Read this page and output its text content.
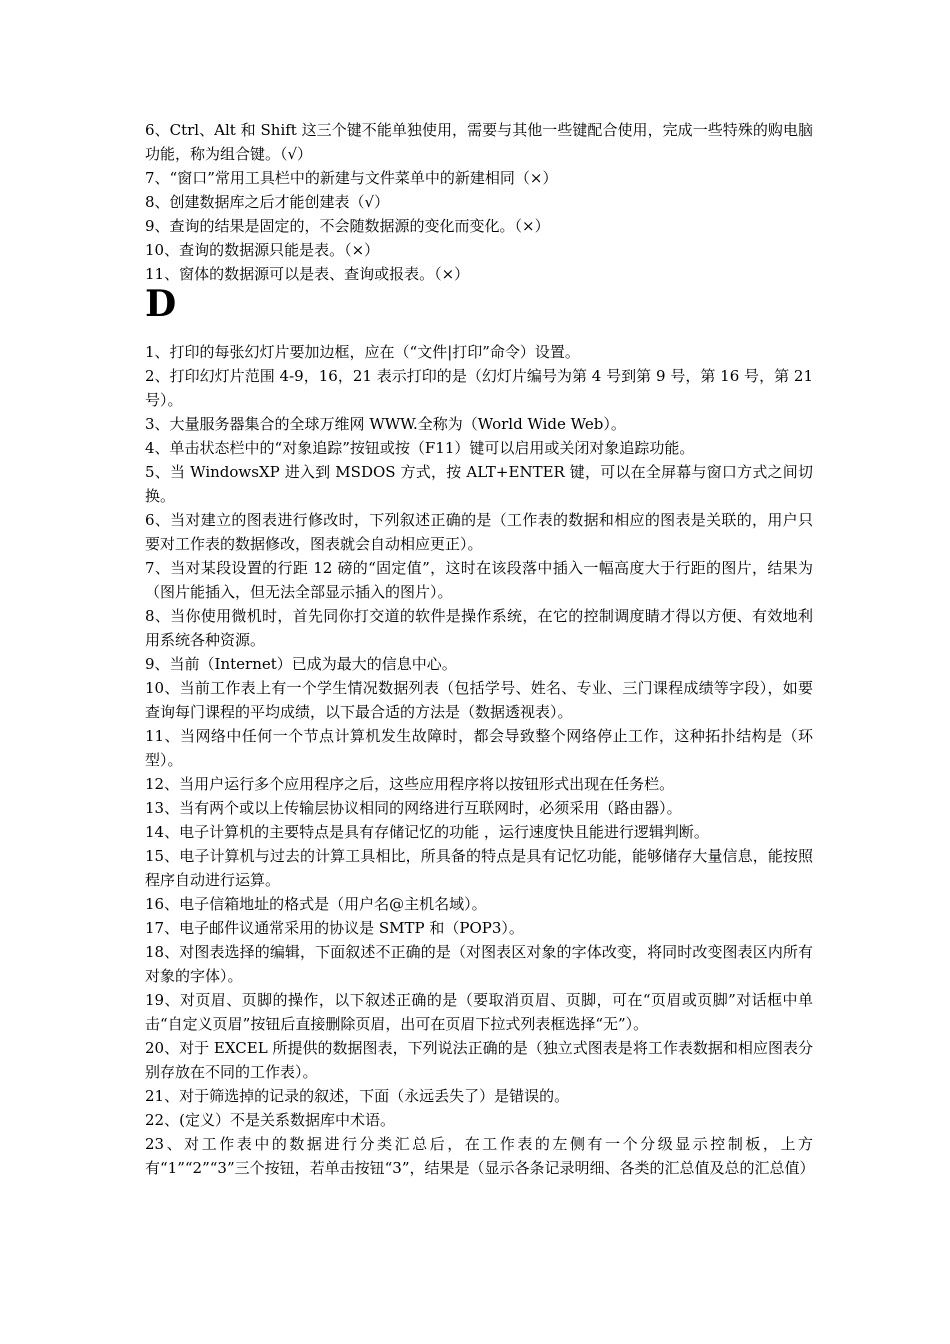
6、Ctrl、Alt 和 Shift 这三个键不能单独使用，需要与其他一些键配合使用，完成一些特殊的购电脑功能，称为组合键。（√）

7、“窗口”常用工具栏中的新建与文件菜单中的新建相同（×）

8、创建数据库之后才能创建表（√）

9、查询的结果是固定的，不会随数据源的变化而变化。（×）

10、查询的数据源只能是表。（×）

11、窗体的数据源可以是表、查询或报表。（×）

D

1、打印的每张幻灯片要加边框，应在（“文件|打印”命令）设置。

2、打印幻灯片范围 4-9，16，21 表示打印的是（幻灯片编号为第 4 号到第 9 号，第 16 号，第 21 号）。

3、大量服务器集合的全球万维网 WWW.全称为（World Wide Web）。

4、单击状态栏中的“对象追踪”按钮或按（F11）键可以启用或关闭对象追踪功能。

5、当 WindowsXP 进入到 MSDOS 方式，按 ALT+ENTER 键，可以在全屏幕与窗口方式之间切换。

6、当对建立的图表进行修改时，下列叙述正确的是（工作表的数据和相应的图表是关联的，用户只要对工作表的数据修改，图表就会自动相应更正）。

7、当对某段设置的行距 12 磅的“固定值”，这时在该段落中插入一幅高度大于行距的图片，结果为（图片能插入，但无法全部显示插入的图片）。

8、当你使用微机时，首先同你打交道的软件是操作系统，在它的控制调度睛才得以方便、有效地利用系统各种资源。

9、当前（Internet）已成为最大的信息中心。

10、当前工作表上有一个学生情况数据列表（包括学号、姓名、专业、三门课程成绩等字段），如要查询每门课程的平均成绩，以下最合适的方法是（数据透视表）。

11、当网络中任何一个节点计算机发生故障时，都会导致整个网络停止工作，这种拓扑结构是（环型）。

12、当用户运行多个应用程序之后，这些应用程序将以按钮形式出现在任务栏。

13、当有两个或以上传输层协议相同的网络进行互联网时，必须采用（路由器）。

14、电子计算机的主要特点是具有存储记忆的功能 ，运行速度快且能进行逻辑判断。

15、电子计算机与过去的计算工具相比，所具备的特点是具有记忆功能，能够储存大量信息，能按照程序自动进行运算。

16、电子信箱地址的格式是（用户名@主机名域）。

17、电子邮件议通常采用的协议是 SMTP 和（POP3）。

18、对图表选择的编辑，下面叙述不正确的是（对图表区对象的字体改变，将同时改变图表区内所有对象的字体）。

19、对页眉、页脚的操作，以下叙述正确的是（要取消页眉、页脚，可在“页眉或页脚”对话框中单击“自定义页眉”按钮后直接删除页眉，出可在页眉下拉式列表框选择“无”）。

20、对于 EXCEL 所提供的数据图表，下列说法正确的是（独立式图表是将工作表数据和相应图表分别存放在不同的工作表）。

21、对于筛选掉的记录的叙述，下面（永远丢失了）是错误的。

22、(定义）不是关系数据库中术语。

23、对工作表中的数据进行分类汇总后，在工作表的左侧有一个分级显示控制板，上方有“1”“2”“3”三个按钮，若单击按钮“3”，结果是（显示各条记录明细、各类的汇总值及总的汇总值）
